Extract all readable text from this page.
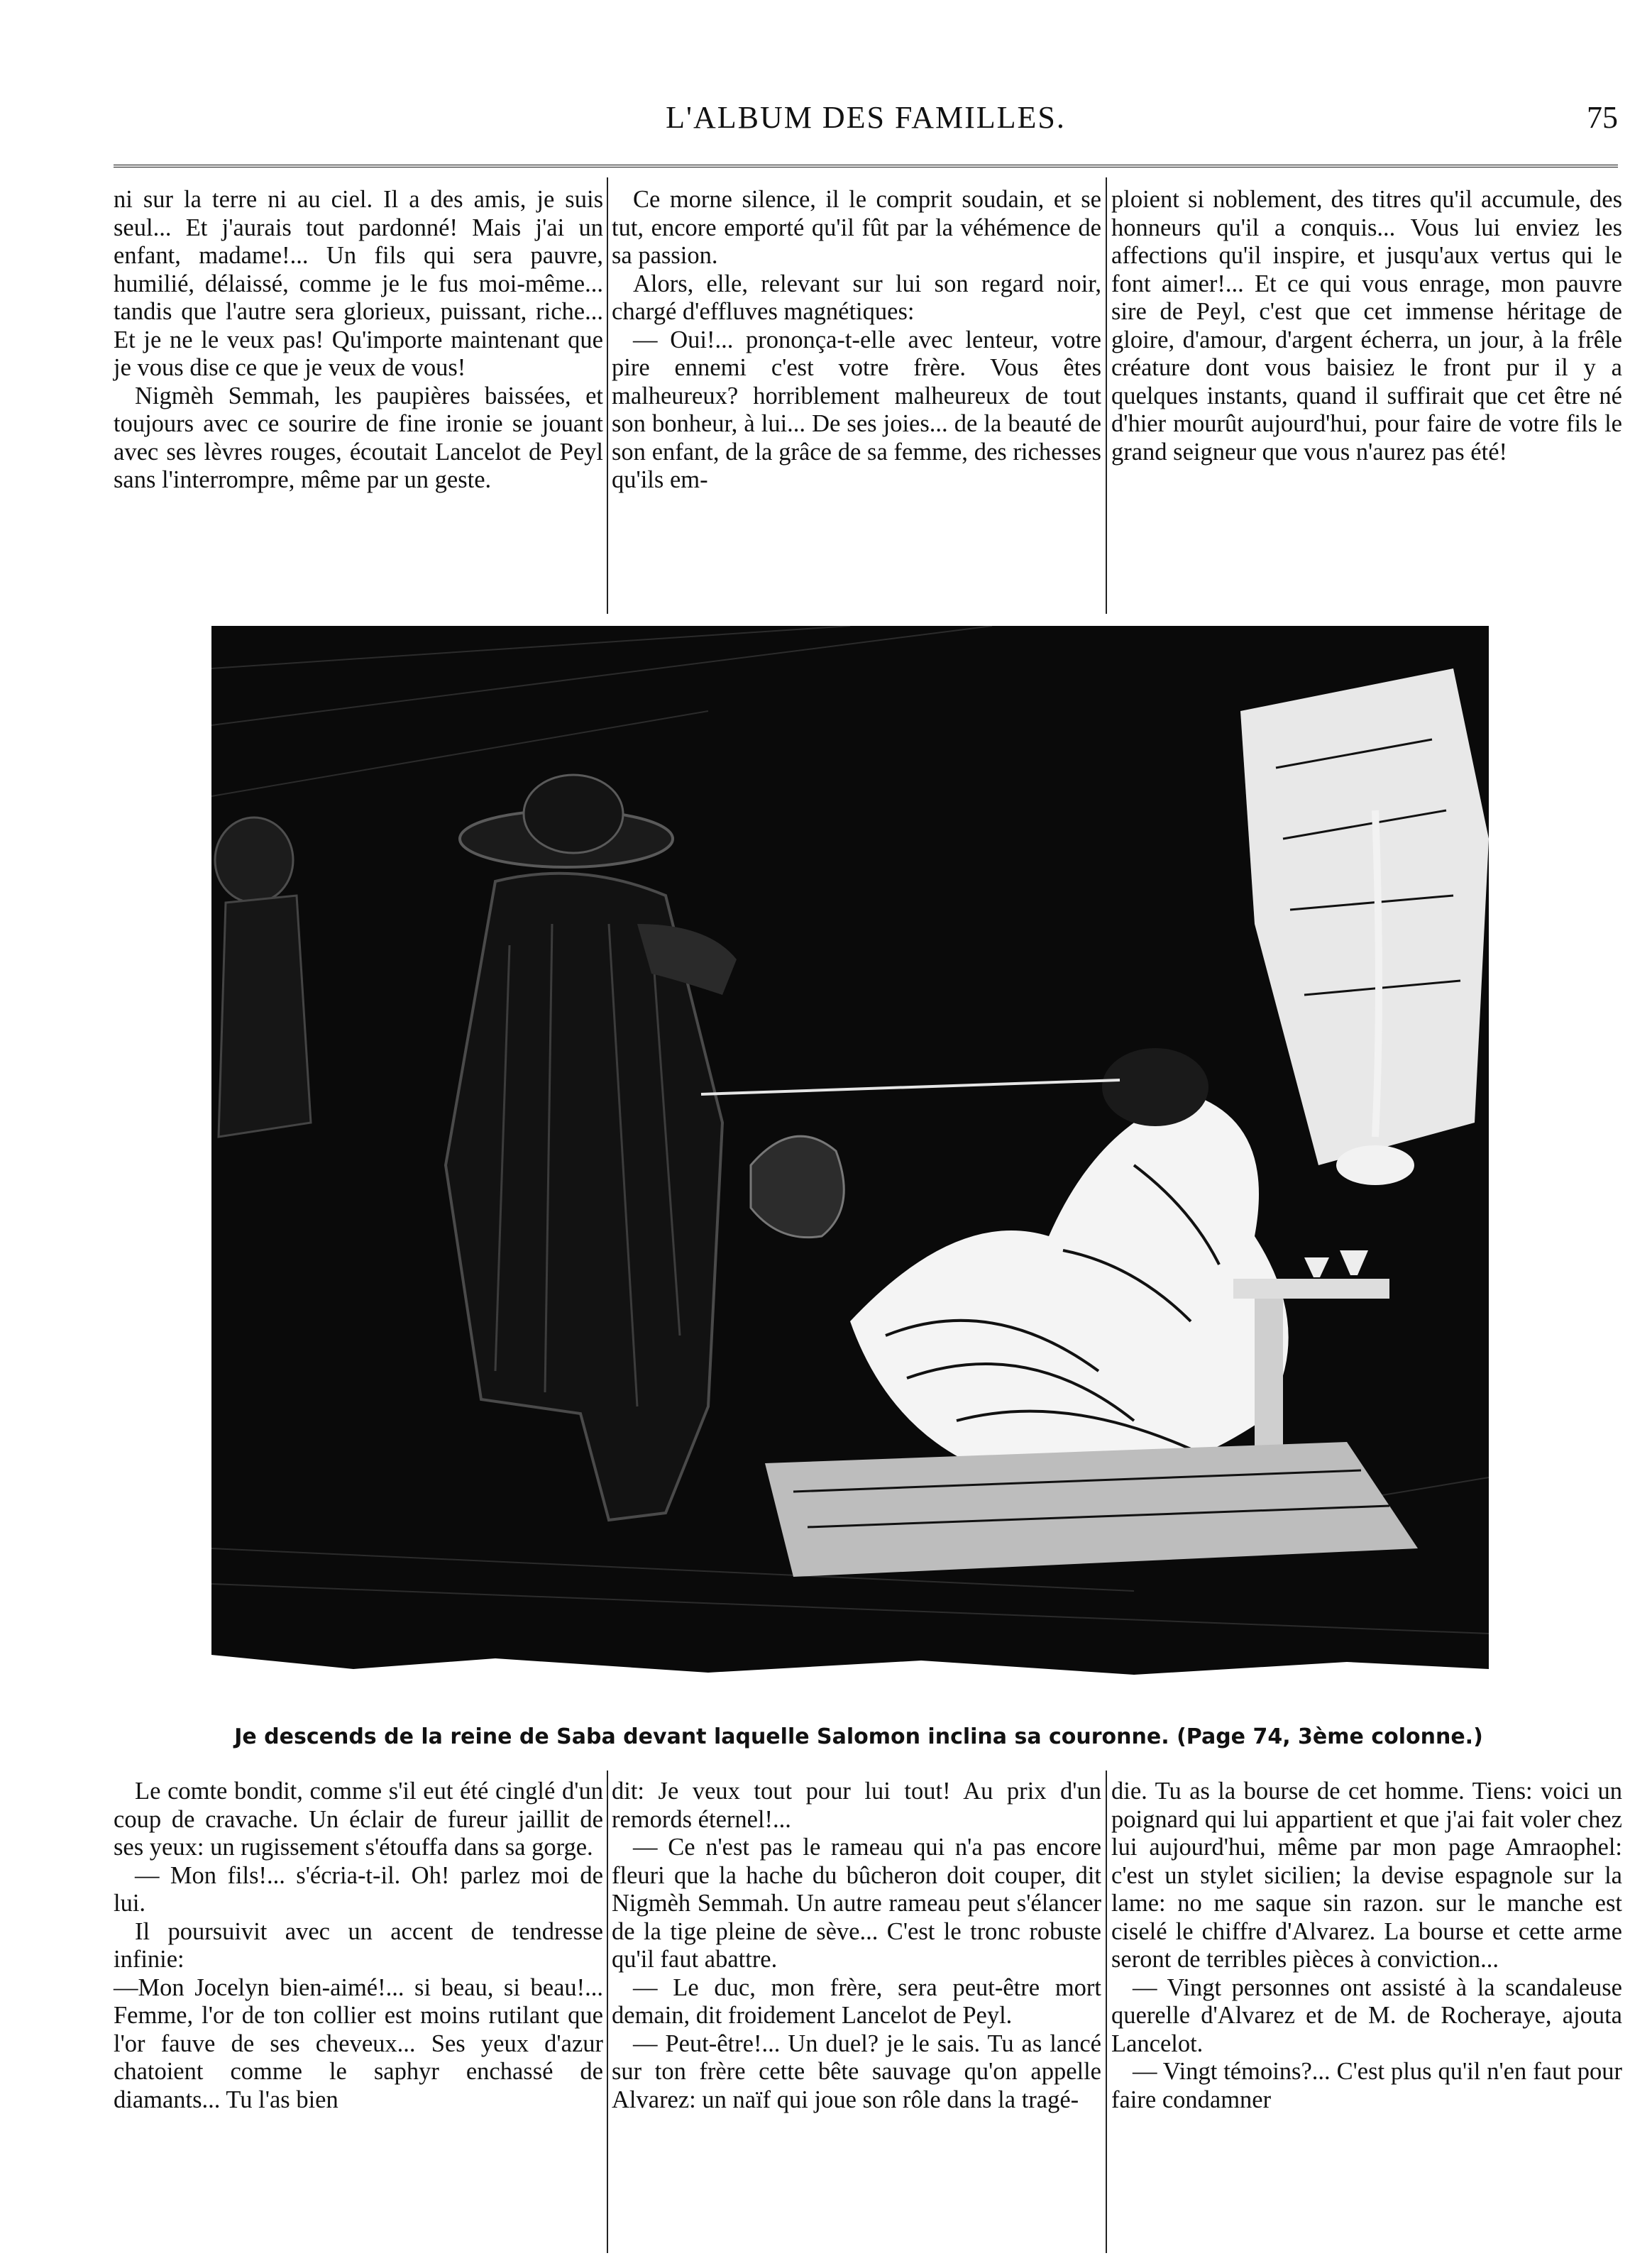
L'ALBUM DES FAMILLES.	75

ni sur la terre ni au ciel. Il a des amis, je suis seul... Et j'aurais tout pardonné! Mais j'ai un enfant, madame!... Un fils qui sera pauvre, humilié, délaissé, comme je le fus moi-même... tandis que l'autre sera glorieux, puissant, riche... Et je ne le veux pas! Qu'importe maintenant que je vous dise ce que je veux de vous!

Nigmèh Semmah, les paupières baissées, et toujours avec ce sourire de fine ironie se jouant avec ses lèvres rouges, écoutait Lancelot de Peyl sans l'interrompre, même par un geste.

Ce morne silence, il le comprit soudain, et se tut, encore emporté qu'il fût par la véhémence de sa passion.

Alors, elle, relevant sur lui son regard noir, chargé d'effluves magnétiques:

— Oui!... prononça-t-elle avec lenteur, votre pire ennemi c'est votre frère. Vous êtes malheureux? horriblement malheureux de tout son bonheur, à lui... De ses joies... de la beauté de son enfant, de la grâce de sa femme, des richesses qu'ils em-

ploient si noblement, des titres qu'il accumule, des honneurs qu'il a conquis... Vous lui enviez les affections qu'il inspire, et jusqu'aux vertus qui le font aimer!... Et ce qui vous enrage, mon pauvre sire de Peyl, c'est que cet immense héritage de gloire, d'amour, d'argent écherra, un jour, à la frêle créature dont vous baisiez le front pur il y a quelques instants, quand il suffirait que cet être né d'hier mourût aujourd'hui, pour faire de votre fils le grand seigneur que vous n'aurez pas été!

Je descends de la reine de Saba devant laquelle Salomon inclina sa couronne. (Page 74, 3ème colonne.)

Le comte bondit, comme s'il eut été cinglé d'un coup de cravache. Un éclair de fureur jaillit de ses yeux: un rugissement s'étouffa dans sa gorge.

— Mon fils!... s'écria-t-il. Oh! parlez moi de lui.

Il poursuivit avec un accent de tendresse infinie:

—Mon Jocelyn bien-aimé!... si beau, si beau!... Femme, l'or de ton collier est moins rutilant que l'or fauve de ses cheveux... Ses yeux d'azur chatoient comme le saphyr enchassé de diamants... Tu l'as bien

dit: Je veux tout pour lui tout! Au prix d'un remords éternel!...

— Ce n'est pas le rameau qui n'a pas encore fleuri que la hache du bûcheron doit couper, dit Nigmèh Semmah. Un autre rameau peut s'élancer de la tige pleine de sève... C'est le tronc robuste qu'il faut abattre.

— Le duc, mon frère, sera peut-être mort demain, dit froidement Lancelot de Peyl.

— Peut-être!... Un duel? je le sais. Tu as lancé sur ton frère cette bête sauvage qu'on appelle Alvarez: un naïf qui joue son rôle dans la tragé-

die. Tu as la bourse de cet homme. Tiens: voici un poignard qui lui appartient et que j'ai fait voler chez lui aujourd'hui, même par mon page Amraophel: c'est un stylet sicilien; la devise espagnole sur la lame: no me saque sin razon. sur le manche est ciselé le chiffre d'Alvarez. La bourse et cette arme seront de terribles pièces à conviction...

— Vingt personnes ont assisté à la scandaleuse querelle d'Alvarez et de M. de Rocheraye, ajouta Lancelot.

— Vingt témoins?... C'est plus qu'il n'en faut pour faire condamner
